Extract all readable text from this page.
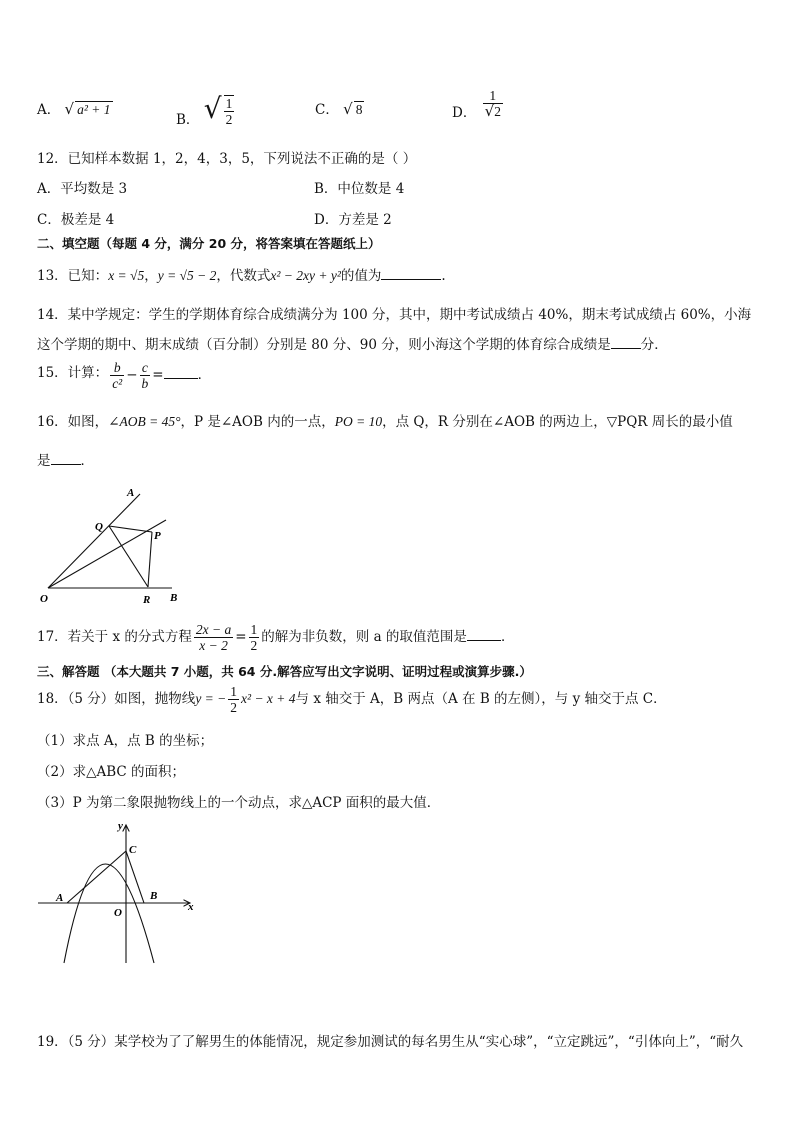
A． √ a² + 1
B． √ $\frac{1}{2}$	C． √ 8	D． $\frac{1}{√2}$
12．已知样本数据 1，2，4，3，5，下列说法不正确的是（ ）
A．平均数是 3	B．中位数是 4
C．极差是 4	D．方差是 2
二、填空题（每题 4 分，满分 20 分，将答案填在答题纸上）
13．已知：x = √5，y = √5 − 2，代数式x² − 2xy + y²的值为	.
14．某中学规定：学生的学期体育综合成绩满分为 100 分，其中，期中考试成绩占 40%，期末考试成绩占 60%，小海
这个学期的期中、期末成绩（百分制）分别是 80 分、90 分，则小海这个学期的体育综合成绩是 分．
15．计算： $\frac{b}{\text{c²}} - \frac{c}{b}$ =	．
16．如图，∠AOB = 45°，P 是∠AOB 内的一点，PO = 10，点 Q，R 分别在∠AOB 的两边上，▽PQR 周长的最小值
是 ．
A
Q
P
O	R B
17．若关于 x 的分式方程 $\frac{2x - a}{x - 2} = \frac{1}{2}$ 的解为非负数，则 a 的取值范围是	．
三、解答题 （本大题共 7 小题，共 64 分.解答应写出文字说明、证明过程或演算步骤.）
18．（5 分）如图，抛物线y = − $\frac{1}{2} x^2 - x + 4$与 x 轴交于 A，B 两点（A 在 B 的左侧），与 y 轴交于点 C．
（1）求点 A，点 B 的坐标；
（2）求△ABC 的面积；
（3）P 为第二象限抛物线上的一个动点，求△ACP 面积的最大值．
y
C
A	B
O	x
19．（5 分）某学校为了了解男生的体能情况，规定参加测试的每名男生从“实心球”，“立定跳远”，“引体向上”，“耐久
